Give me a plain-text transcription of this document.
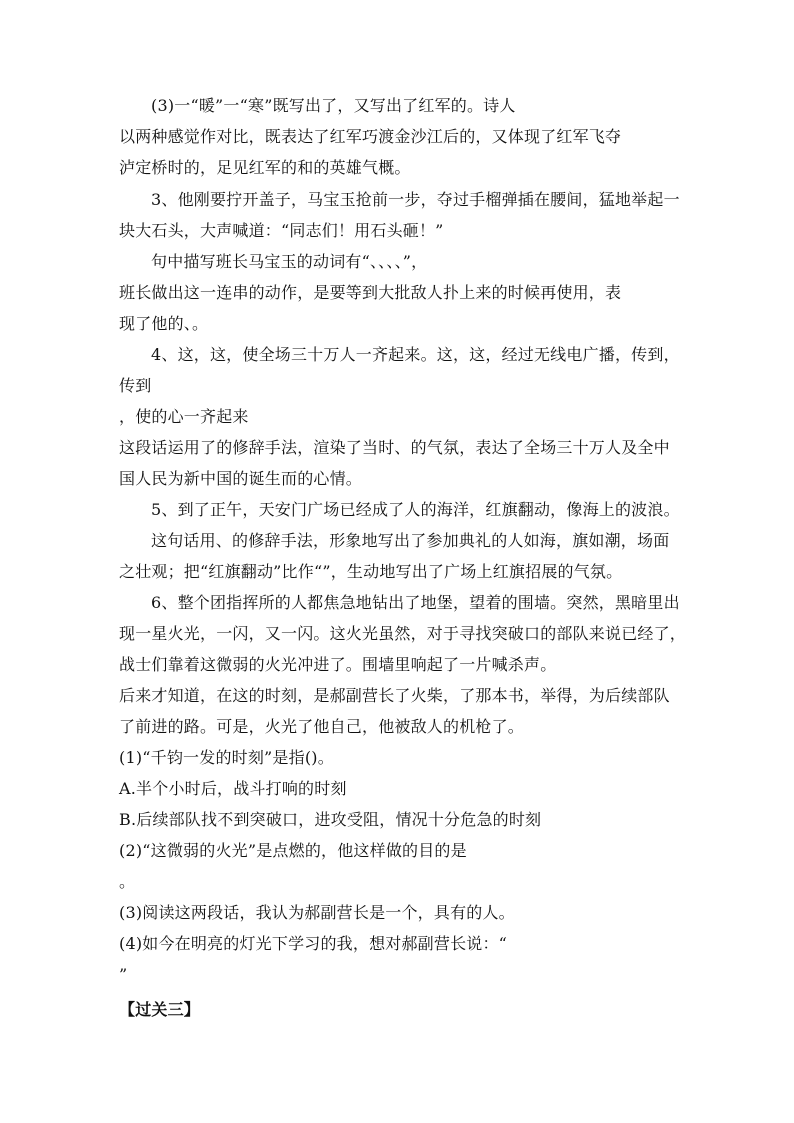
(3)一“暖”一“寒”既写出了，又写出了红军的。诗人
以两种感觉作对比，既表达了红军巧渡金沙江后的，又体现了红军飞夺
泸定桥时的，足见红军的和的英雄气概。
3、他刚要拧开盖子，马宝玉抢前一步，夺过手榴弹插在腰间，猛地举起一
块大石头，大声喊道：“同志们！用石头砸！”
句中描写班长马宝玉的动词有“、、、、”，
班长做出这一连串的动作，是要等到大批敌人扑上来的时候再使用，表
现了他的、。
4、这，这，使全场三十万人一齐起来。这，这，经过无线电广播，传到，
传到
，使的心一齐起来
这段话运用了的修辞手法，渲染了当时、的气氛，表达了全场三十万人及全中
国人民为新中国的诞生而的心情。
5、到了正午，天安门广场已经成了人的海洋，红旗翻动，像海上的波浪。
这句话用、的修辞手法，形象地写出了参加典礼的人如海，旗如潮，场面
之壮观；把“红旗翻动”比作“”，生动地写出了广场上红旗招展的气氛。
6、整个团指挥所的人都焦急地钻出了地堡，望着的围墙。突然，黑暗里出
现一星火光，一闪，又一闪。这火光虽然，对于寻找突破口的部队来说已经了，
战士们靠着这微弱的火光冲进了。围墙里响起了一片喊杀声。
后来才知道，在这的时刻，是郝副营长了火柴，了那本书，举得，为后续部队
了前进的路。可是，火光了他自己，他被敌人的机枪了。
(1)“千钧一发的时刻”是指()。
A.半个小时后，战斗打响的时刻
B.后续部队找不到突破口，进攻受阻，情况十分危急的时刻
(2)“这微弱的火光”是点燃的，他这样做的目的是
。
(3)阅读这两段话，我认为郝副营长是一个，具有的人。
(4)如今在明亮的灯光下学习的我，想对郝副营长说：“
”
【过关三】
